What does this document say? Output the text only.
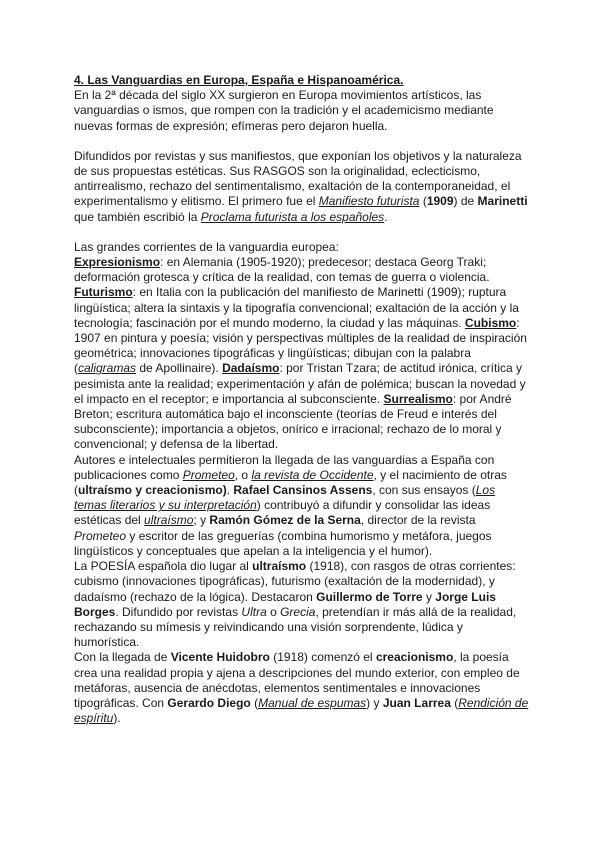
4. Las Vanguardias en Europa, España e Hispanoamérica.

En la 2ª década del siglo XX surgieron en Europa movimientos artísticos, las vanguardias o ismos, que rompen con la tradición y el academicismo mediante nuevas formas de expresión; efímeras pero dejaron huella.

Difundidos por revistas y sus manifiestos, que exponían los objetivos y la naturaleza de sus propuestas estéticas. Sus RASGOS son la originalidad, eclecticismo, antirrealismo, rechazo del sentimentalismo, exaltación de la contemporaneidad, el experimentalismo y elitismo. El primero fue el Manifiesto futurista (1909) de Marinetti que también escribió la Proclama futurista a los españoles.

Las grandes corrientes de la vanguardia europea:

Expresionismo: en Alemania (1905-1920); predecesor; destaca Georg Traki; deformación grotesca y crítica de la realidad, con temas de guerra o violencia. Futurismo: en Italia con la publicación del manifiesto de Marinetti (1909); ruptura lingüística; altera la sintaxis y la tipografía convencional; exaltación de la acción y la tecnología; fascinación por el mundo moderno, la ciudad y las máquinas. Cubismo: 1907 en pintura y poesía; visión y perspectivas múltiples de la realidad de inspiración geométrica; innovaciones tipográficas y lingüísticas; dibujan con la palabra (caligramas de Apollinaire). Dadaísmo: por Tristan Tzara; de actitud irónica, crítica y pesimista ante la realidad; experimentación y afán de polémica; buscan la novedad y el impacto en el receptor; e importancia al subconsciente. Surrealismo: por André Breton; escritura automática bajo el inconsciente (teorías de Freud e interés del subconsciente); importancia a objetos, onírico e irracional; rechazo de lo moral y convencional; y defensa de la libertad.

Autores e intelectuales permitieron la llegada de las vanguardias a España con publicaciones como Prometeo, o la revista de Occidente, y el nacimiento de otras (ultraísmo y creacionismo). Rafael Cansinos Assens, con sus ensayos (Los temas literarios y su interpretación) contribuyó a difundir y consolidar las ideas estéticas del ultraísmo; y Ramón Gómez de la Serna, director de la revista Prometeo y escritor de las greguerías (combina humorismo y metáfora, juegos lingüísticos y conceptuales que apelan a la inteligencia y el humor).

La POESÍA española dio lugar al ultraísmo (1918), con rasgos de otras corrientes: cubismo (innovaciones tipográficas), futurismo (exaltación de la modernidad), y dadaísmo (rechazo de la lógica). Destacaron Guillermo de Torre y Jorge Luis Borges. Difundido por revistas Ultra o Grecia, pretendían ir más allá de la realidad, rechazando su mímesis y reivindicando una visión sorprendente, lúdica y humorística.

Con la llegada de Vicente Huidobro (1918) comenzó el creacionismo, la poesía crea una realidad propia y ajena a descripciones del mundo exterior, con empleo de metáforas, ausencia de anécdotas, elementos sentimentales e innovaciones tipográficas. Con Gerardo Diego (Manual de espumas) y Juan Larrea (Rendición de espíritu).
